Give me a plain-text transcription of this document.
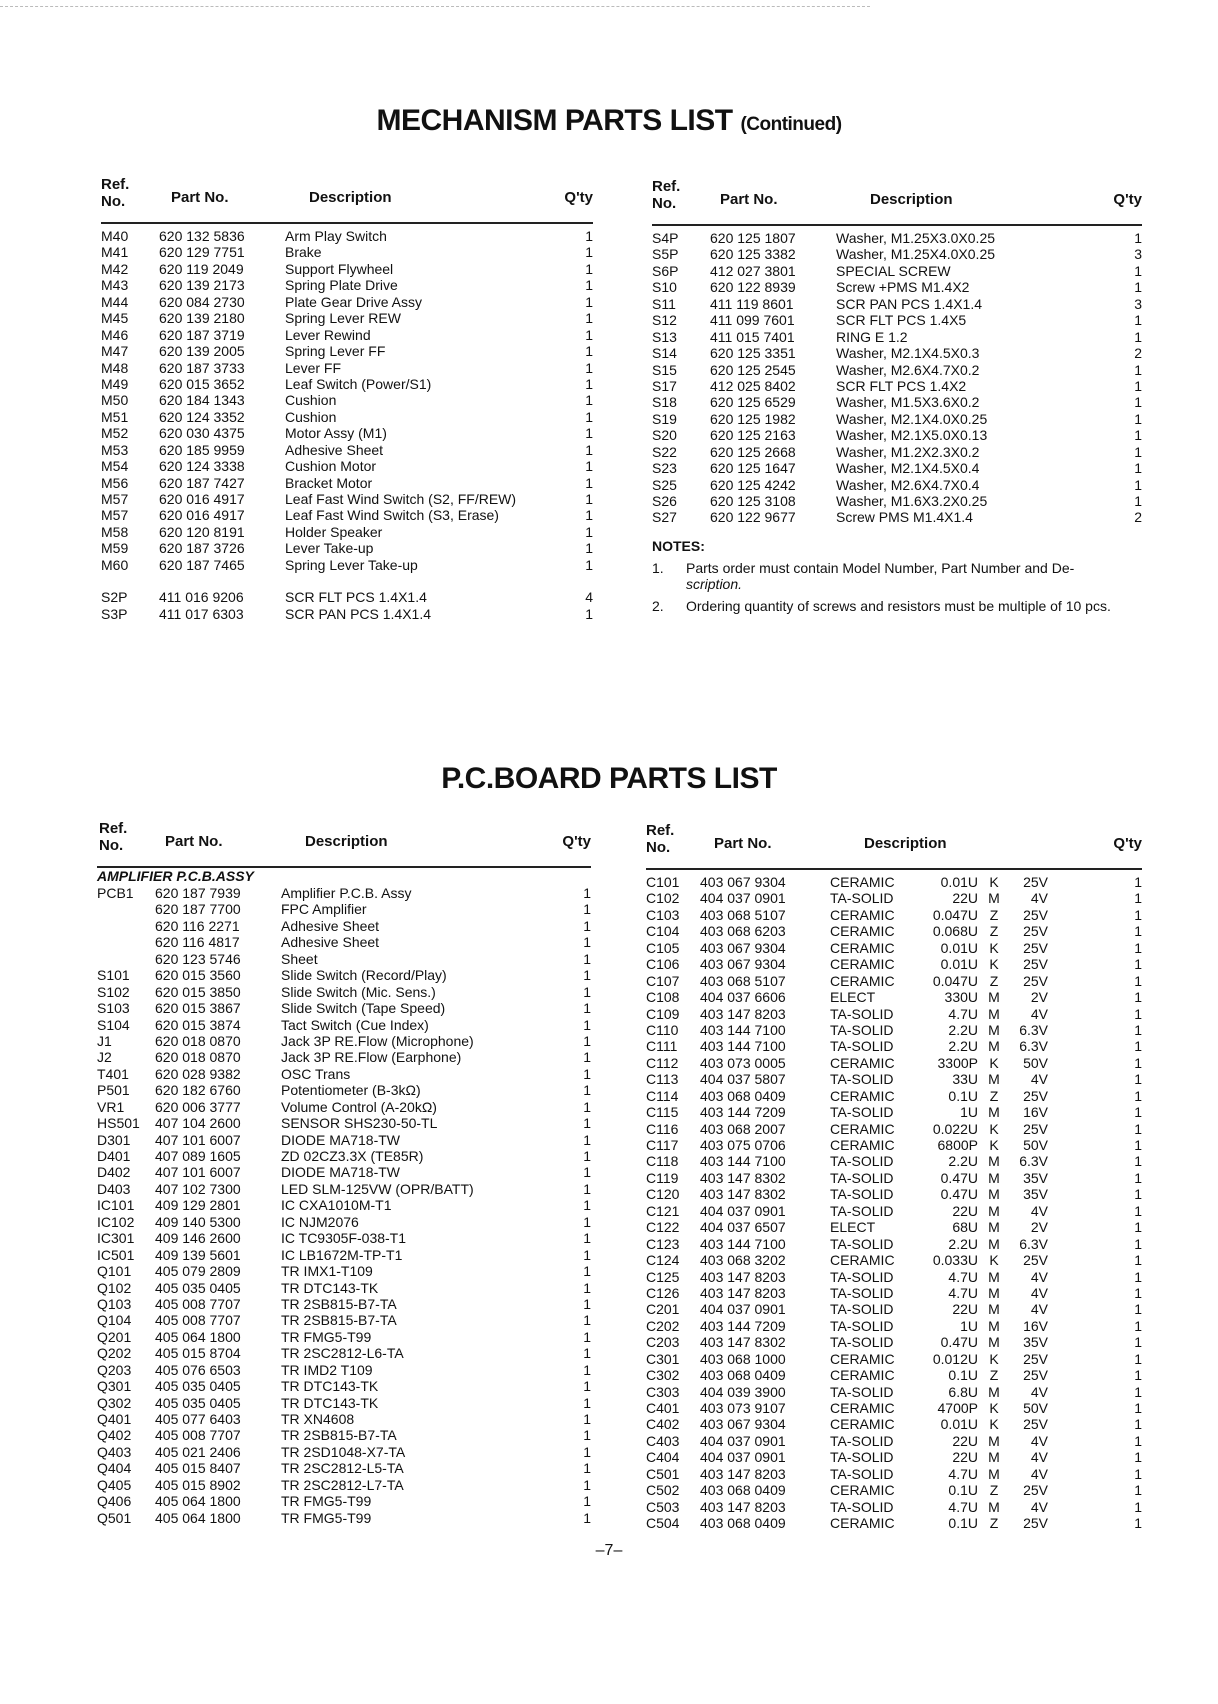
MECHANISM PARTS LIST (Continued)
Ref.
No.	Part No.	Description	Q'ty
M40 620 132 5836	Arm Play Switch	1
M41 620 129 7751	Brake	1
M42 620 119 2049	Support Flywheel	1
M43 620 139 2173	Spring Plate Drive	1
M44 620 084 2730	Plate Gear Drive Assy	1
M45 620 139 2180	Spring Lever REW	1
M46 620 187 3719	Lever Rewind	1
M47 620 139 2005	Spring Lever FF	1
M48 620 187 3733	Lever FF	1
M49 620 015 3652	Leaf Switch (Power/S1)	1
M50 620 184 1343	Cushion	1
M51 620 124 3352	Cushion	1
M52 620 030 4375	Motor Assy (M1)	1
M53 620 185 9959	Adhesive Sheet	1
M54 620 124 3338	Cushion Motor	1
M56 620 187 7427	Bracket Motor	1
M57 620 016 4917	Leaf Fast Wind Switch (S2, FF/REW)	1
M57 620 016 4917	Leaf Fast Wind Switch (S3, Erase)	1
M58 620 120 8191	Holder Speaker	1
M59 620 187 3726	Lever Take-up	1
M60 620 187 7465	Spring Lever Take-up	1
S2P 411 016 9206	SCR FLT PCS 1.4X1.4	4
S3P 411 017 6303	SCR PAN PCS 1.4X1.4	1
Ref.
No.	Part No.	Description	Q'ty
S4P 620 125 1807	Washer, M1.25X3.0X0.25	1
S5P 620 125 3382	Washer, M1.25X4.0X0.25	3
S6P 412 027 3801	SPECIAL SCREW	1
S10 620 122 8939	Screw +PMS M1.4X2	1
S11 411 119 8601	SCR PAN PCS 1.4X1.4	3
S12 411 099 7601	SCR FLT PCS 1.4X5	1
S13 411 015 7401	RING E 1.2	1
S14 620 125 3351	Washer, M2.1X4.5X0.3	2
S15 620 125 2545	Washer, M2.6X4.7X0.2	1
S17 412 025 8402	SCR FLT PCS 1.4X2	1
S18 620 125 6529	Washer, M1.5X3.6X0.2	1
S19 620 125 1982	Washer, M2.1X4.0X0.25	1
S20 620 125 2163	Washer, M2.1X5.0X0.13	1
S22 620 125 2668	Washer, M1.2X2.3X0.2	1
S23 620 125 1647	Washer, M2.1X4.5X0.4	1
S25 620 125 4242	Washer, M2.6X4.7X0.4	1
S26 620 125 3108	Washer, M1.6X3.2X0.25	1
S27 620 122 9677	Screw PMS M1.4X1.4	2
NOTES:
1. Parts order must contain Model Number, Part Number and De-
scription.
2. Ordering quantity of screws and resistors must be multiple of 10 pcs.
P.C.BOARD PARTS LIST
Ref.
No.	Part No.	Description	Q'ty
AMPLIFIER P.C.B.ASSY
PCB1 620 187 7939	Amplifier P.C.B. Assy	1
620 187 7700	FPC Amplifier	1
620 116 2271	Adhesive Sheet	1
620 116 4817	Adhesive Sheet	1
620 123 5746	Sheet	1
S101 620 015 3560	Slide Switch (Record/Play)	1
S102 620 015 3850	Slide Switch (Mic. Sens.)	1
S103 620 015 3867	Slide Switch (Tape Speed)	1
S104 620 015 3874	Tact Switch (Cue Index)	1
J1	620 018 0870	Jack 3P RE.Flow (Microphone)	1
J2	620 018 0870	Jack 3P RE.Flow (Earphone)	1
T401 620 028 9382	OSC Trans	1
P501 620 182 6760	Potentiometer (B-3kΩ)	1
VR1 620 006 3777	Volume Control (A-20kΩ)	1
HS501 407 104 2600	SENSOR SHS230-50-TL	1
D301 407 101 6007	DIODE MA718-TW	1
D401 407 089 1605	ZD 02CZ3.3X (TE85R)	1
D402 407 101 6007	DIODE MA718-TW	1
D403 407 102 7300	LED SLM-125VW (OPR/BATT)	1
IC101 409 129 2801	IC CXA1010M-T1	1
IC102 409 140 5300	IC NJM2076	1
IC301 409 146 2600	IC TC9305F-038-T1	1
IC501 409 139 5601	IC LB1672M-TP-T1	1
Q101 405 079 2809	TR IMX1-T109	1
Q102 405 035 0405	TR DTC143-TK	1
Q103 405 008 7707	TR 2SB815-B7-TA	1
Q104 405 008 7707	TR 2SB815-B7-TA	1
Q201 405 064 1800	TR FMG5-T99	1
Q202 405 015 8704	TR 2SC2812-L6-TA	1
Q203 405 076 6503	TR IMD2 T109	1
Q301 405 035 0405	TR DTC143-TK	1
Q302 405 035 0405	TR DTC143-TK	1
Q401 405 077 6403	TR XN4608	1
Q402 405 008 7707	TR 2SB815-B7-TA	1
Q403 405 021 2406	TR 2SD1048-X7-TA	1
Q404 405 015 8407	TR 2SC2812-L5-TA	1
Q405 405 015 8902	TR 2SC2812-L7-TA	1
Q406 405 064 1800	TR FMG5-T99	1
Q501 405 064 1800	TR FMG5-T99	1
Ref.
No.	Part No.	Description	Q'ty
C101 403 067 9304	CERAMIC	0.01U K	25V	1
C102 404 037 0901	TA-SOLID	22U M	4V	1
C103 403 068 5107	CERAMIC	0.047U Z	25V	1
C104 403 068 6203	CERAMIC	0.068U Z	25V	1
C105 403 067 9304	CERAMIC	0.01U K	25V	1
C106 403 067 9304	CERAMIC	0.01U K	25V	1
C107 403 068 5107	CERAMIC	0.047U Z	25V	1
C108 404 037 6606	ELECT	330U M	2V	1
C109 403 147 8203	TA-SOLID	4.7U M	4V	1
C110 403 144 7100	TA-SOLID	2.2U M	6.3V	1
C111 403 144 7100	TA-SOLID	2.2U M	6.3V	1
C112 403 073 0005	CERAMIC	3300P K	50V	1
C113 404 037 5807	TA-SOLID	33U M	4V	1
C114 403 068 0409	CERAMIC	0.1U Z	25V	1
C115 403 144 7209	TA-SOLID	1U M	16V	1
C116 403 068 2007	CERAMIC	0.022U K	25V	1
C117 403 075 0706	CERAMIC	6800P K	50V	1
C118 403 144 7100	TA-SOLID	2.2U M	6.3V	1
C119 403 147 8302	TA-SOLID	0.47U M	35V	1
C120 403 147 8302	TA-SOLID	0.47U M	35V	1
C121 404 037 0901	TA-SOLID	22U M	4V	1
C122 404 037 6507	ELECT	68U M	2V	1
C123 403 144 7100	TA-SOLID	2.2U M	6.3V	1
C124 403 068 3202	CERAMIC	0.033U K	25V	1
C125 403 147 8203	TA-SOLID	4.7U M	4V	1
C126 403 147 8203	TA-SOLID	4.7U M	4V	1
C201 404 037 0901	TA-SOLID	22U M	4V	1
C202 403 144 7209	TA-SOLID	1U M	16V	1
C203 403 147 8302	TA-SOLID	0.47U M	35V	1
C301 403 068 1000	CERAMIC	0.012U K	25V	1
C302 403 068 0409	CERAMIC	0.1U Z	25V	1
C303 404 039 3900	TA-SOLID	6.8U M	4V	1
C401 403 073 9107	CERAMIC	4700P K	50V	1
C402 403 067 9304	CERAMIC	0.01U K	25V	1
C403 404 037 0901	TA-SOLID	22U M	4V	1
C404 404 037 0901	TA-SOLID	22U M	4V	1
C501 403 147 8203	TA-SOLID	4.7U M	4V	1
C502 403 068 0409	CERAMIC	0.1U Z	25V	1
C503 403 147 8203	TA-SOLID	4.7U M	4V	1
C504 403 068 0409	CERAMIC	0.1U Z	25V	1
–7–
